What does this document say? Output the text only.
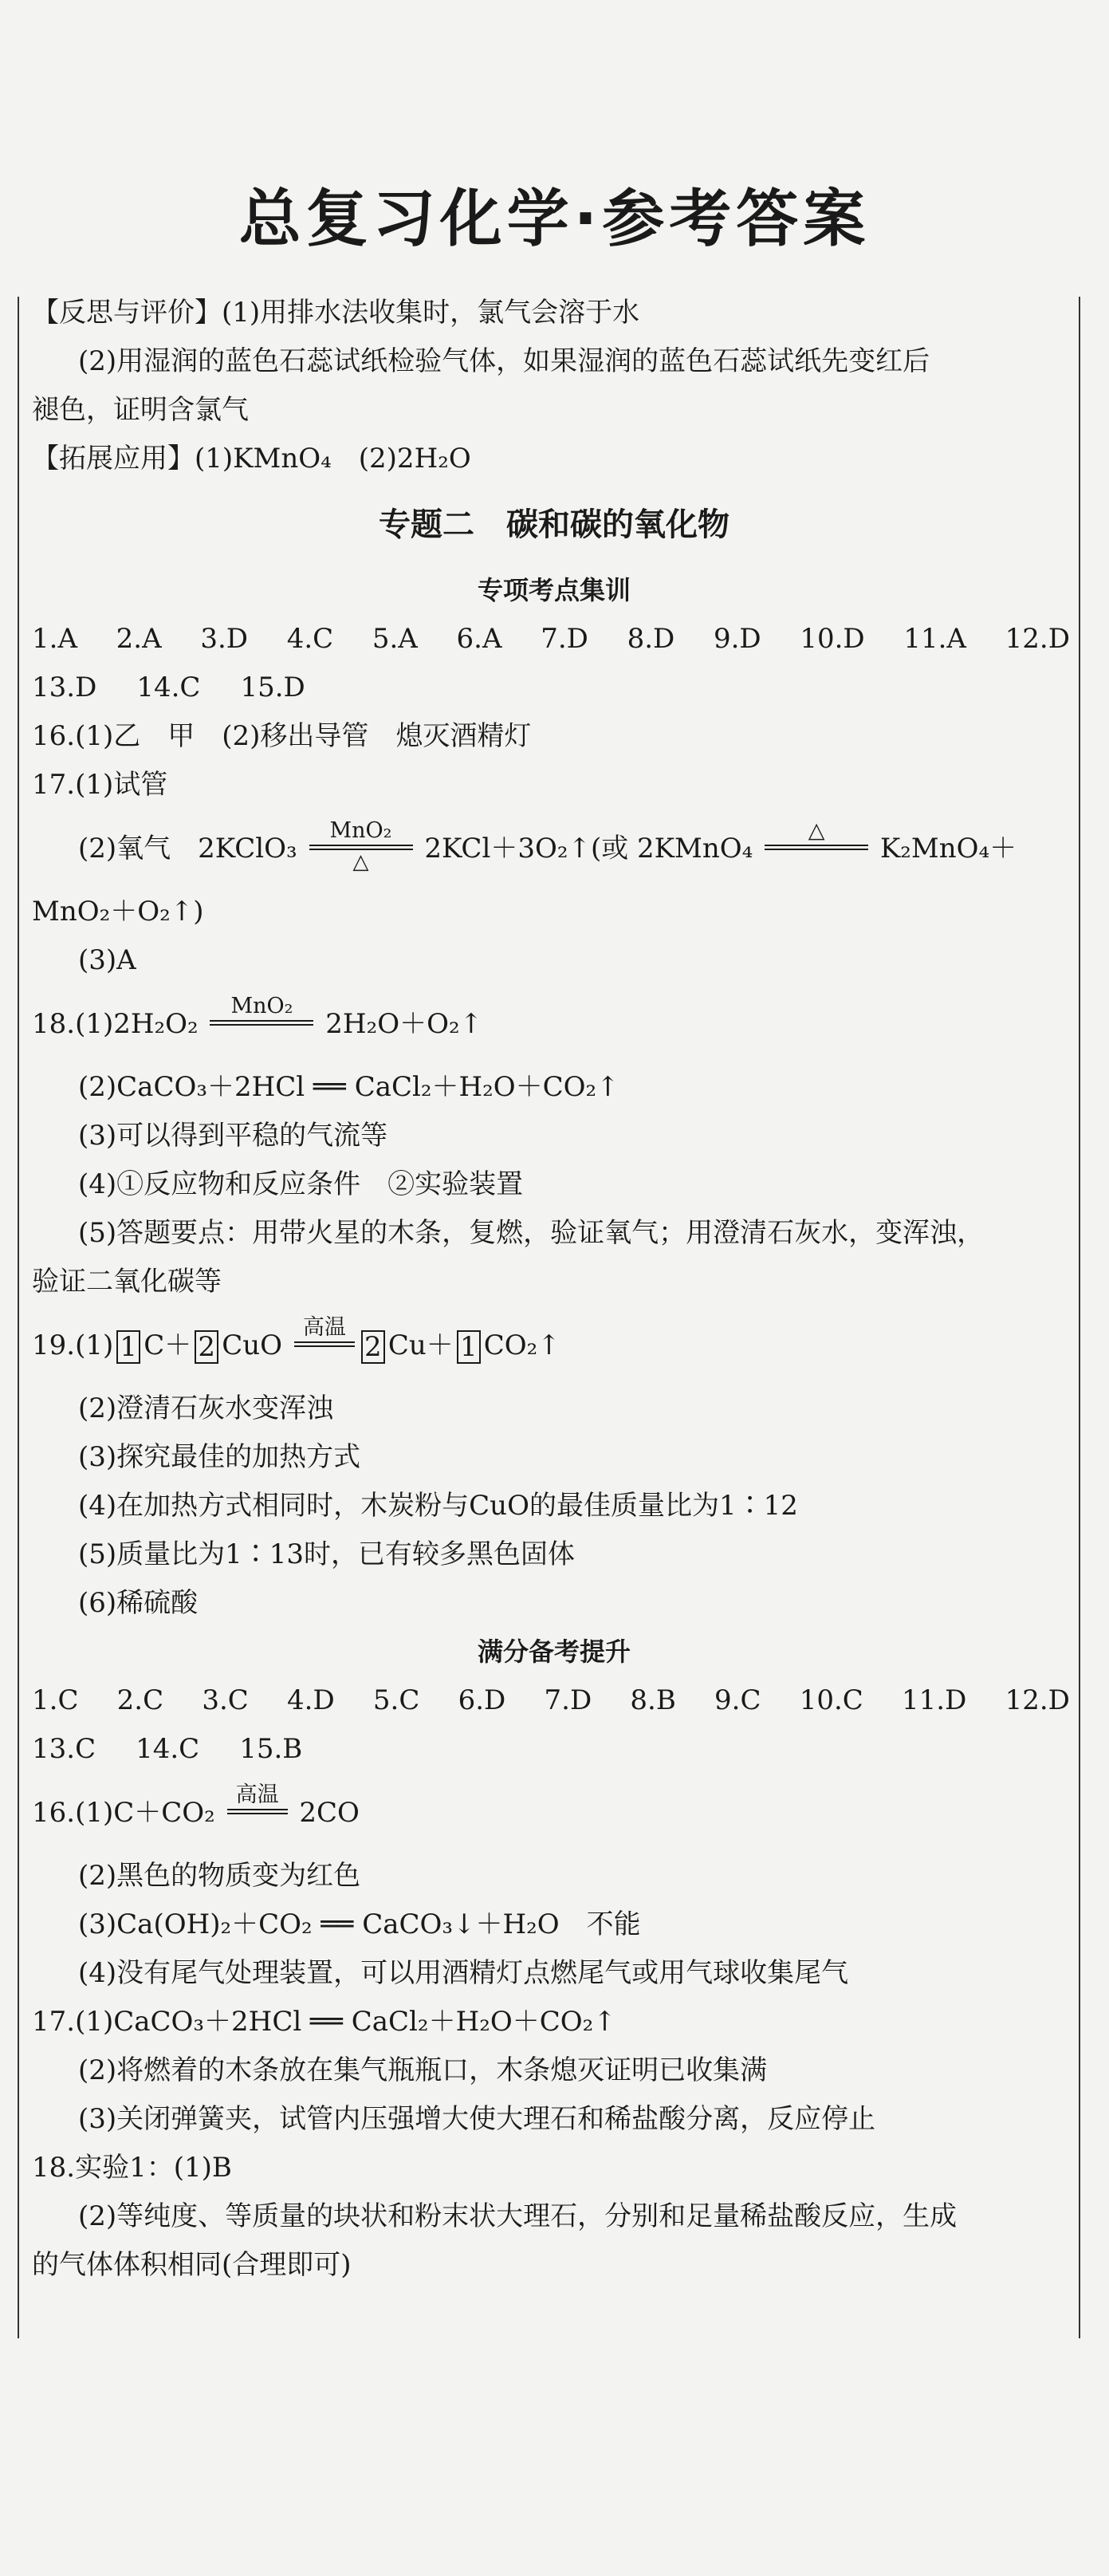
总复习化学·参考答案
【反思与评价】(1)用排水法收集时，氯气会溶于水
(2)用湿润的蓝色石蕊试纸检验气体，如果湿润的蓝色石蕊试纸先变红后
褪色，证明含氯气
【拓展应用】(1)KMnO₄　(2)2H₂O
专题二　碳和碳的氧化物
专项考点集训
1.A 2.A 3.D 4.C 5.A 6.A 7.D 8.D 9.D 10.D 11.A 12.D
13.D 14.C 15.D
16.(1)乙　甲　(2)移出导管　熄灭酒精灯
17.(1)试管
(2)氧气　2KClO₃
MnO₂
△ 2KCl＋3O₂↑(或 2KMnO₄
△
K₂MnO₄＋
MnO₂＋O₂↑)
(3)A
18.(1)2H₂O₂
MnO₂
2H₂O＋O₂↑
(2)CaCO₃＋2HCl ══ CaCl₂＋H₂O＋CO₂↑
(3)可以得到平稳的气流等
(4)①反应物和反应条件　②实验装置
(5)答题要点：用带火星的木条，复燃，验证氧气；用澄清石灰水，变浑浊，
验证二氧化碳等
19.(1) 1 C＋ 2 CuO
高温
2 Cu＋ 1 CO₂↑
(2)澄清石灰水变浑浊
(3)探究最佳的加热方式
(4)在加热方式相同时，木炭粉与CuO的最佳质量比为1∶12
(5)质量比为1∶13时，已有较多黑色固体
(6)稀硫酸
满分备考提升
1.C 2.C 3.C 4.D 5.C 6.D 7.D 8.B 9.C 10.C 11.D 12.D
13.C 14.C 15.B
16.(1)C＋CO₂
高温
2CO
(2)黑色的物质变为红色
(3)Ca(OH)₂＋CO₂ ══ CaCO₃↓＋H₂O　不能
(4)没有尾气处理装置，可以用酒精灯点燃尾气或用气球收集尾气
17.(1)CaCO₃＋2HCl ══ CaCl₂＋H₂O＋CO₂↑
(2)将燃着的木条放在集气瓶瓶口，木条熄灭证明已收集满
(3)关闭弹簧夹，试管内压强增大使大理石和稀盐酸分离，反应停止
18.实验1：(1)B
(2)等纯度、等质量的块状和粉末状大理石，分别和足量稀盐酸反应，生成
的气体体积相同(合理即可)
